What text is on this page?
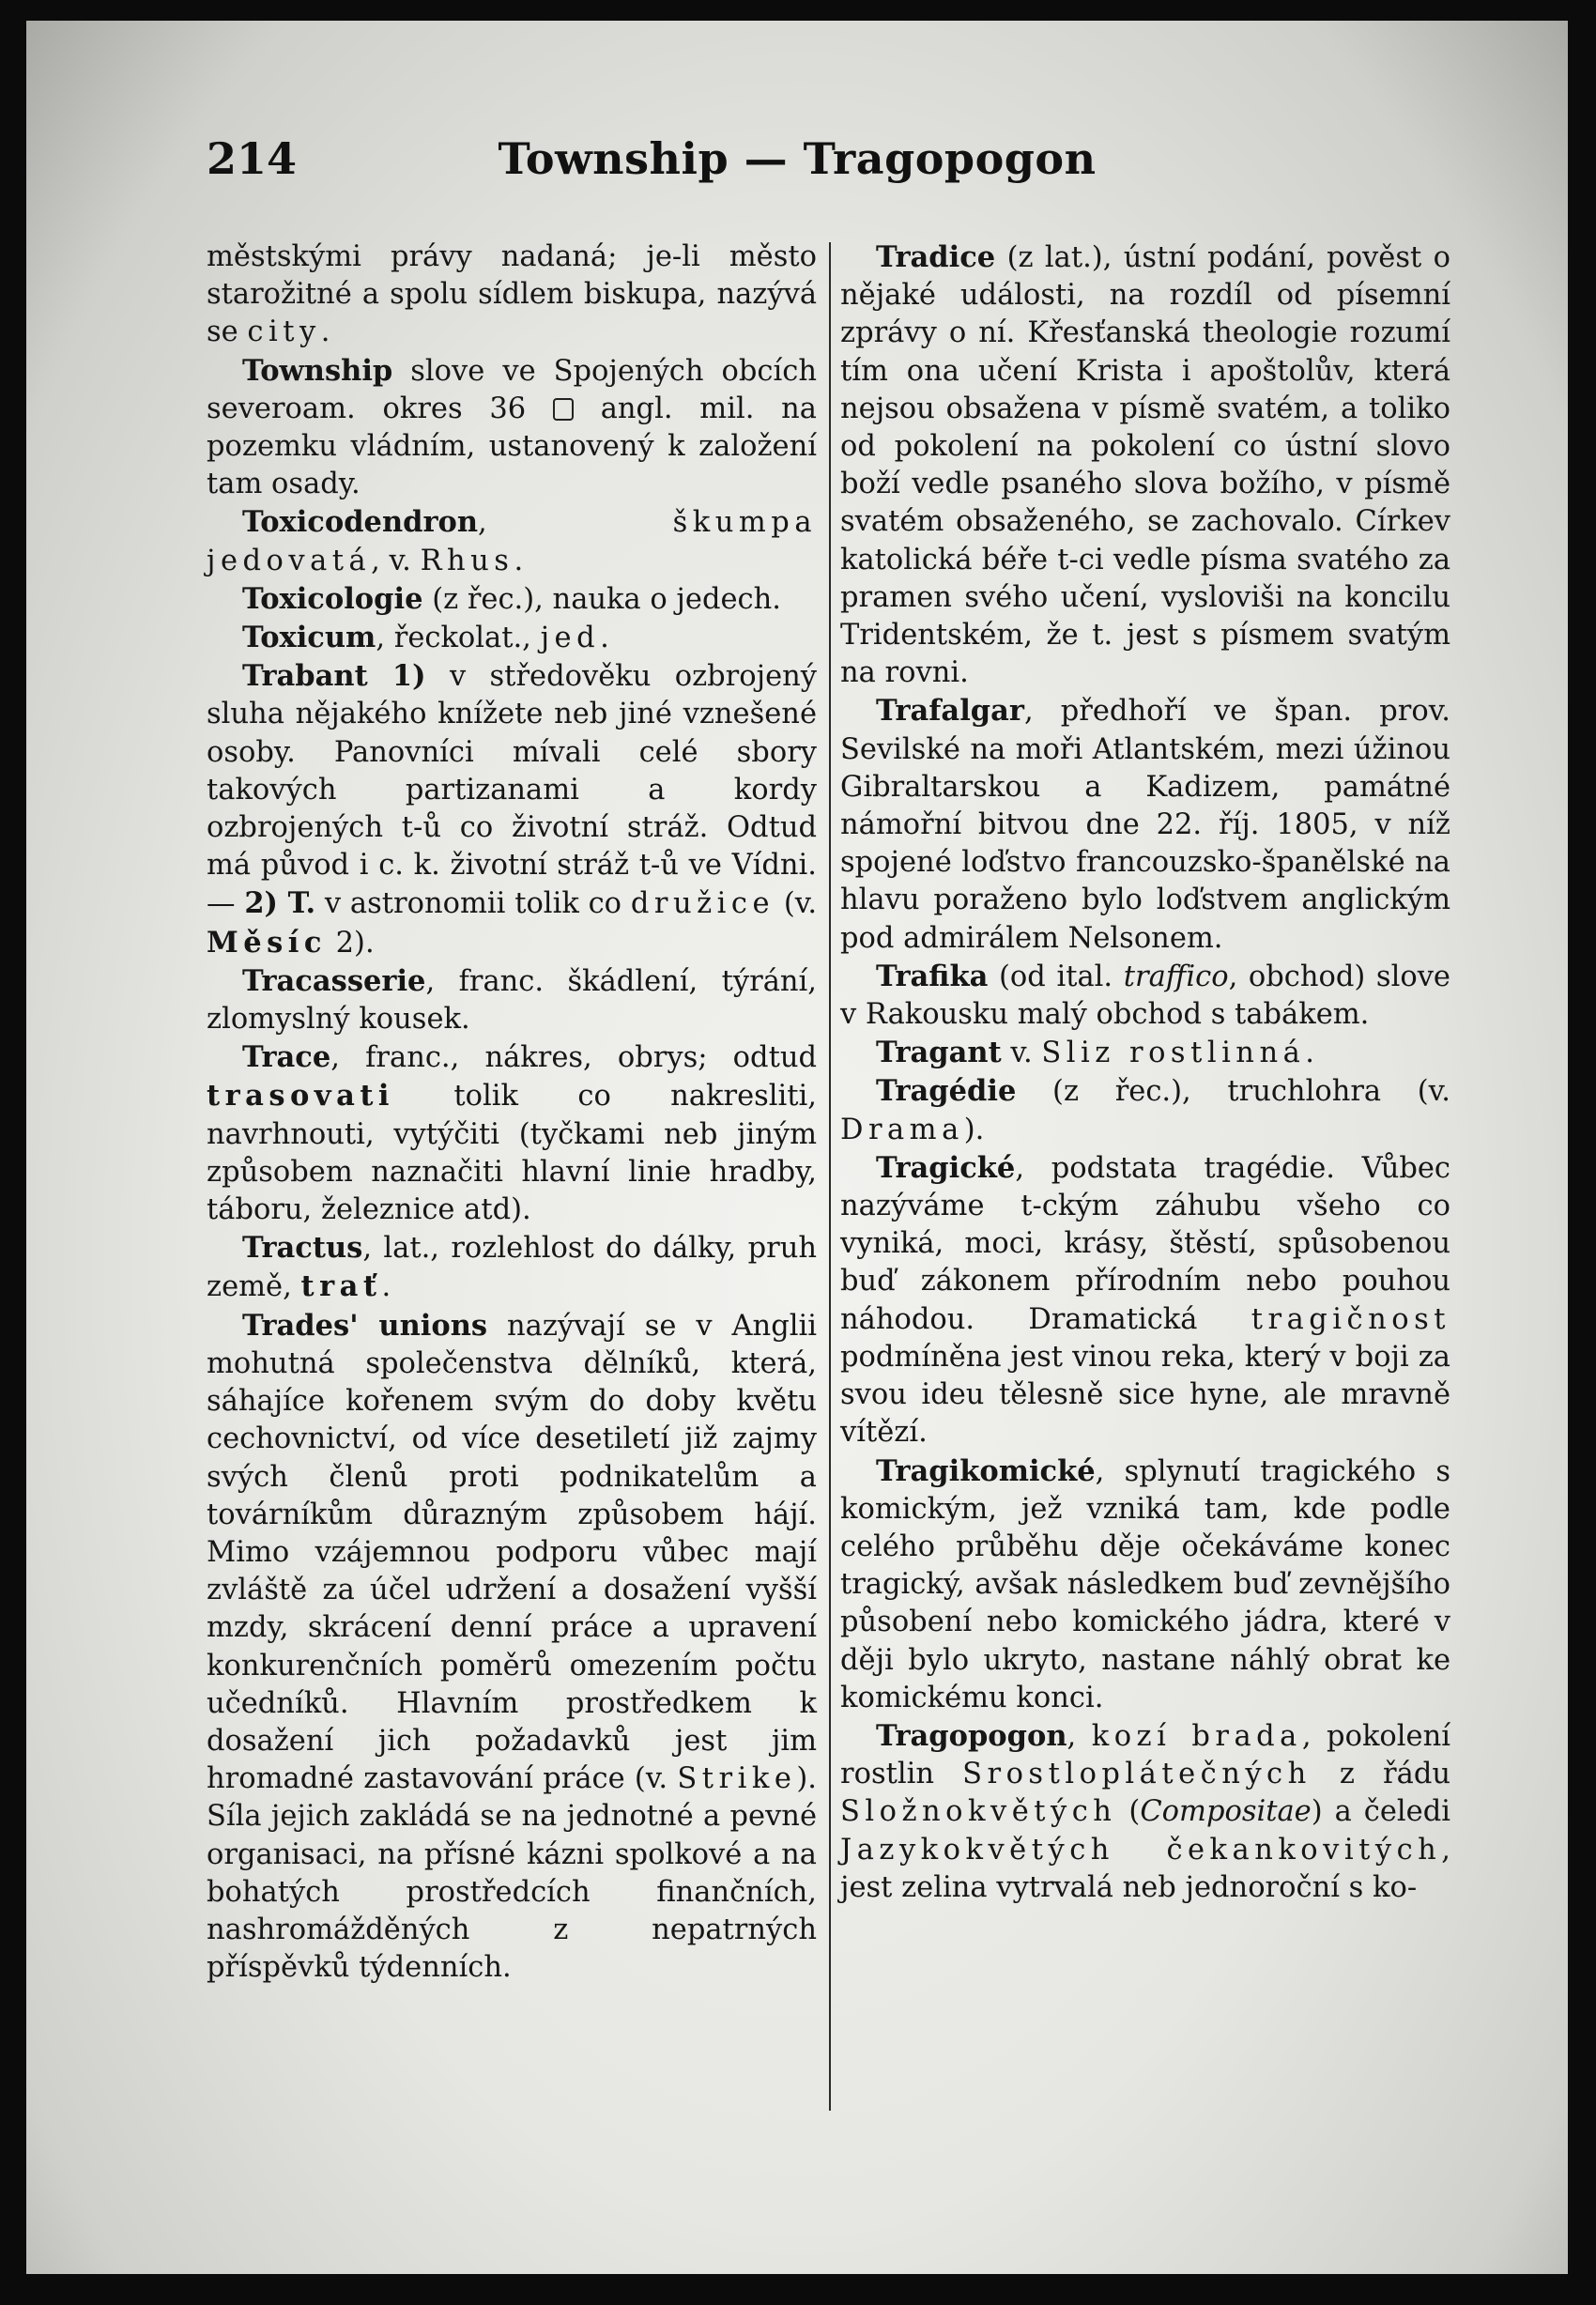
214	Township — Tragopogon

městskými právy nadaná; je-li město starožitné a spolu sídlem biskupa, nazývá se city.

Township slove ve Spojených obcích severoam. okres 36	angl. mil. na pozemku vládním, ustanovený k založení tam osady.

Toxicodendron,	škumpa jedovatá, v. Rhus.

Toxicologie (z řec.), nauka o jedech.

Toxicum, řeckolat., jed.

Trabant 1) v středověku ozbrojený sluha nějakého knížete neb jiné vznešené osoby. Panovníci mívali celé sbory takových partizanami a kordy ozbrojených t-ů co životní stráž. Odtud má původ i c. k. životní stráž t-ů ve Vídni. — 2) T. v astronomii tolik co družice (v. Měsíc 2).

Tracasserie, franc. škádlení, týrání, zlomyslný kousek.

Trace, franc., nákres, obrys; odtud trasovati tolik co nakresliti, navrhnouti, vytýčiti (tyčkami neb jiným způsobem naznačiti hlavní linie hradby, táboru, železnice atd).

Tractus, lat., rozlehlost do dálky, pruh země, trať.

Trades' unions nazývají se v Anglii mohutná společenstva dělníků, která, sáhajíce kořenem svým do doby květu cechovnictví, od více desetiletí již zajmy svých členů proti podnikatelům a továrníkům důrazným způsobem hájí. Mimo vzájemnou podporu vůbec mají zvláště za účel udržení a dosažení vyšší mzdy, skrácení denní práce a upravení konkurenčních poměrů omezením počtu učedníků. Hlavním prostředkem k dosažení jich požadavků jest jim hromadné zastavování práce (v. Strike). Síla jejich zakládá se na jednotné a pevné organisaci, na přísné kázni spolkové a na bohatých prostředcích finančních, nashromážděných z nepatrných příspěvků týdenních.

Tradice (z lat.), ústní podání, pověst o nějaké události, na rozdíl od písemní zprávy o ní. Křesťanská theologie rozumí tím ona učení Krista i apoštolův, která nejsou obsažena v písmě svatém, a toliko od pokolení na pokolení co ústní slovo boží vedle psaného slova božího, v písmě svatém obsaženého, se zachovalo. Církev katolická béře t-ci vedle písma svatého za pramen svého učení, vysloviši na koncilu Tridentském, že t. jest s písmem svatým na rovni.

Trafalgar, předhoří ve špan. prov. Sevilské na moři Atlantském, mezi úžinou Gibraltarskou a Kadizem, památné námořní bitvou dne 22. říj. 1805, v níž spojené loďstvo francouzsko-španělské na hlavu poraženo bylo loďstvem anglickým pod admirálem Nelsonem.

Trafika (od ital. traffico, obchod) slove v Rakousku malý obchod s tabákem.

Tragant v. Sliz rostlinná.

Tragédie (z řec.), truchlohra (v. Drama).

Tragické, podstata tragédie. Vůbec nazýváme t-ckým záhubu všeho co vyniká, moci, krásy, štěstí, spůsobenou buď zákonem přírodním nebo pouhou náhodou. Dramatická tragičnost podmíněna jest vinou reka, který v boji za svou ideu tělesně sice hyne, ale mravně vítězí.

Tragikomické, splynutí tragického s komickým, jež vzniká tam, kde podle celého průběhu děje očekáváme konec tragický, avšak následkem buď zevnějšího působení nebo komického jádra, které v ději bylo ukryto, nastane náhlý obrat ke komickému konci.

Tragopogon, kozí brada, pokolení rostlin Srostloplátečných z řádu Složnokvětých (Compositae) a čeledi Jazykokvětých čekankovitých, jest zelina vytrvalá neb jednoroční s ko-
